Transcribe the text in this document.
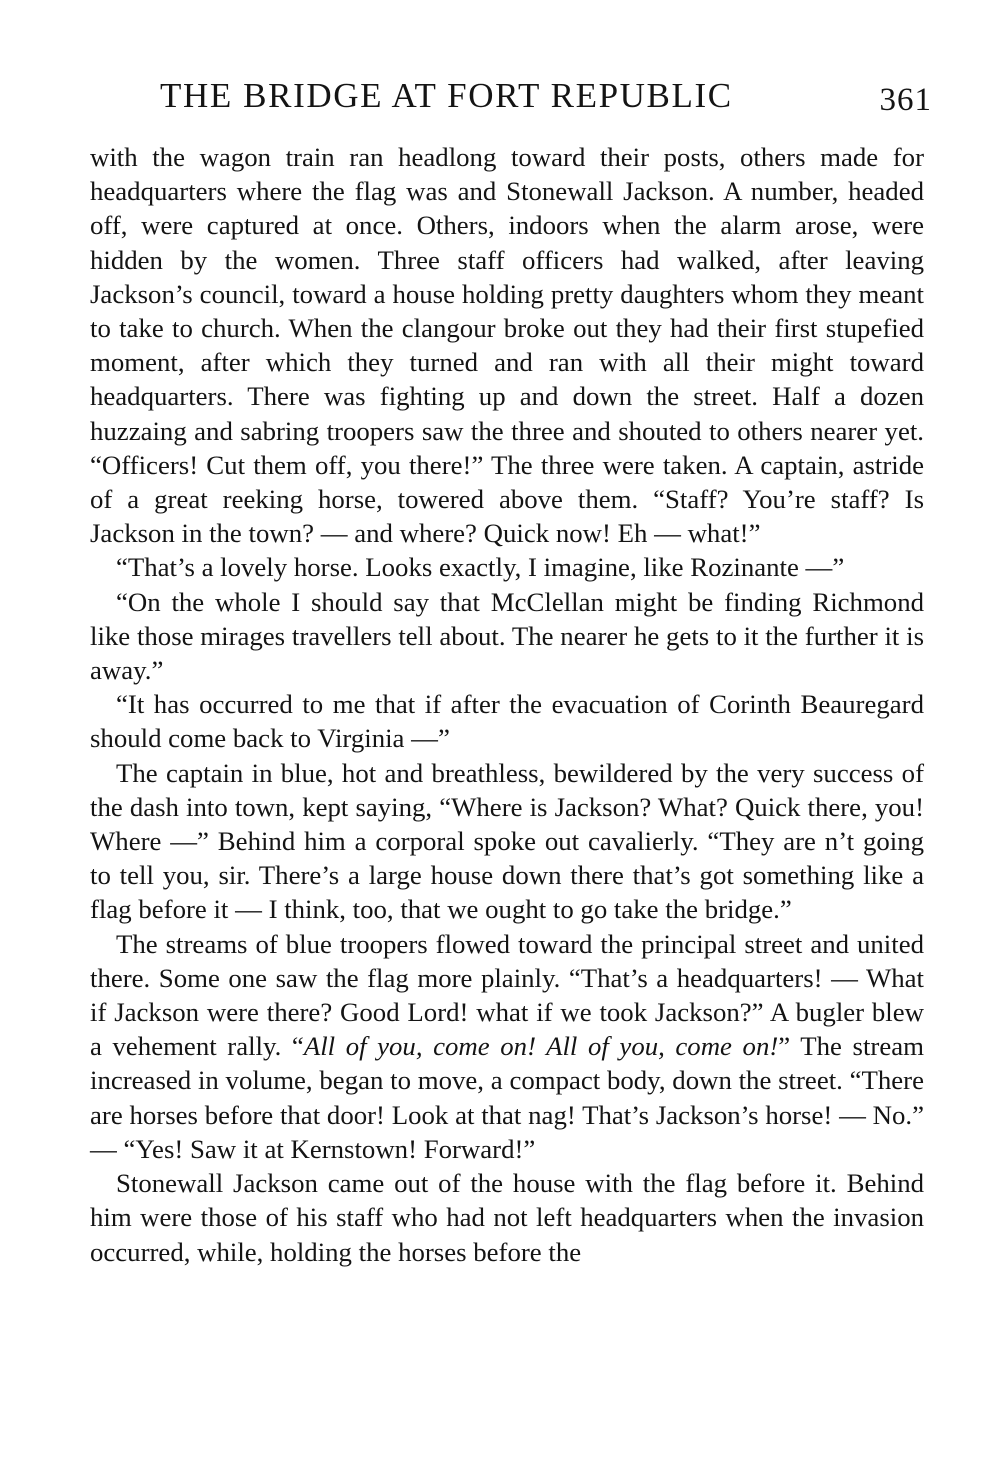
THE BRIDGE AT FORT REPUBLIC	361

with the wagon train ran headlong toward their posts, others made for headquarters where the flag was and Stonewall Jackson. A number, headed off, were captured at once. Others, indoors when the alarm arose, were hidden by the women. Three staff officers had walked, after leaving Jackson’s council, toward a house holding pretty daughters whom they meant to take to church. When the clangour broke out they had their first stupefied moment, after which they turned and ran with all their might toward headquarters. There was fighting up and down the street. Half a dozen huzzaing and sabring troopers saw the three and shouted to others nearer yet. “Officers! Cut them off, you there!” The three were taken. A captain, astride of a great reeking horse, towered above them. “Staff? You’re staff? Is Jackson in the town? — and where? Quick now! Eh — what!”

“That’s a lovely horse. Looks exactly, I imagine, like Rozinante —”

“On the whole I should say that McClellan might be finding Richmond like those mirages travellers tell about. The nearer he gets to it the further it is away.”

“It has occurred to me that if after the evacuation of Corinth Beauregard should come back to Virginia —”

The captain in blue, hot and breathless, bewildered by the very success of the dash into town, kept saying, “Where is Jackson? What? Quick there, you! Where —” Behind him a corporal spoke out cavalierly. “They are n’t going to tell you, sir. There’s a large house down there that’s got something like a flag before it — I think, too, that we ought to go take the bridge.”

The streams of blue troopers flowed toward the principal street and united there. Some one saw the flag more plainly. “That’s a headquarters! — What if Jackson were there? Good Lord! what if we took Jackson?” A bugler blew a vehement rally. “All of you, come on! All of you, come on!” The stream increased in volume, began to move, a compact body, down the street. “There are horses before that door! Look at that nag! That’s Jackson’s horse! — No.” — “Yes! Saw it at Kernstown! Forward!”

Stonewall Jackson came out of the house with the flag before it. Behind him were those of his staff who had not left headquarters when the invasion occurred, while, holding the horses before the
